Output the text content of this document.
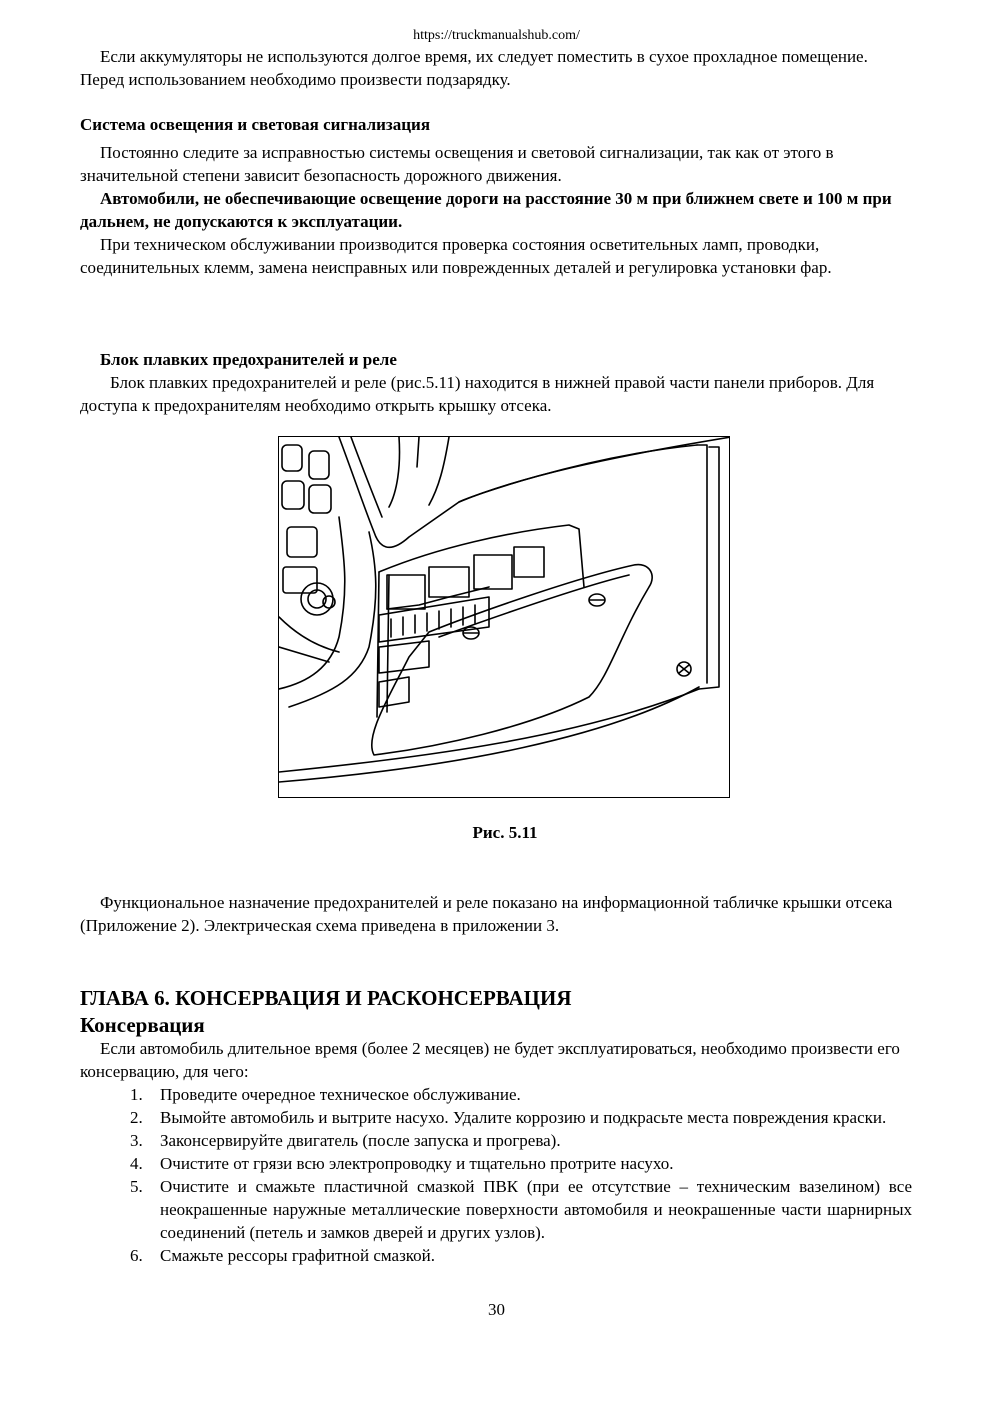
https://truckmanualshub.com/
Если аккумуляторы не используются долгое время, их следует поместить в сухое прохладное помещение. Перед использованием необходимо произвести подзарядку.
Система освещения и световая сигнализация
Постоянно следите за исправностью системы освещения и световой сигнализации, так как от этого в значительной степени зависит безопасность дорожного движения.
Автомобили, не обеспечивающие освещение дороги на расстояние 30 м при ближнем свете и 100 м при дальнем, не допускаются к эксплуатации.
При техническом обслуживании производится проверка состояния осветительных ламп, проводки, соединительных клемм, замена неисправных или поврежденных деталей и регулировка установки фар.
Блок плавких предохранителей и реле
Блок плавких предохранителей и реле (рис.5.11) находится в нижней правой части панели приборов. Для доступа к предохранителям необходимо открыть крышку отсека.
Рис. 5.11
Функциональное назначение предохранителей и реле показано на информационной табличке крышки отсека (Приложение 2). Электрическая схема приведена в приложении 3.
ГЛАВА 6. КОНСЕРВАЦИЯ И РАСКОНСЕРВАЦИЯ
Консервация
Если автомобиль длительное время (более 2 месяцев) не будет эксплуатироваться, необходимо произвести его консервацию, для чего:
1. Проведите очередное техническое обслуживание.
2. Вымойте автомобиль и вытрите насухо. Удалите коррозию и подкрасьте места повреждения краски.
3. Законсервируйте двигатель (после запуска и прогрева).
4. Очистите от грязи всю электропроводку и тщательно протрите насухо.
5. Очистите и смажьте пластичной смазкой ПВК (при ее отсутствие – техническим вазелином) все неокрашенные наружные металлические поверхности автомобиля и неокрашенные части шарнирных соединений (петель и замков дверей и других узлов).
6. Смажьте рессоры графитной смазкой.
30
